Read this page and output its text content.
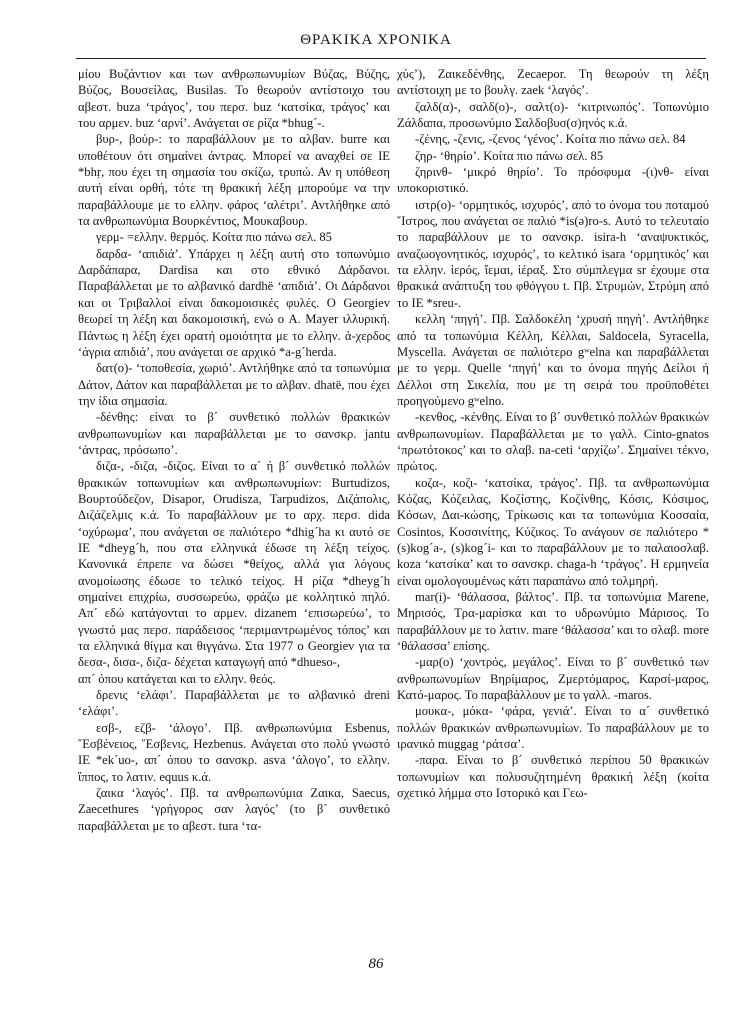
ΘΡΑΚΙΚΑ ΧΡΟΝΙΚΑ

μίου Βυζάντιον και των ανθρωπωνυμίων Βύζας, Βύζης, Βύζος, Βουσείλας, Busilas. Το θεωρούν αντίστοιχο του αβεστ. buza ‘τράγος’, του περσ. buz ‘κατσίκα, τράγος’ και του αρμεν. buz ‘αρνί’. Ανάγεται σε ρίζα *bhug´-.

βυρ-, βούρ-: το παραβάλλουν με το αλβαν. burre και υποθέτουν ότι σημαίνει άντρας. Μπορεί να αναχθεί σε ΙΕ *bhṛ, που έχει τη σημασία του σκίζω, τρυπώ. Αν η υπόθεση αυτή είναι ορθή, τότε τη θρακική λέξη μπορούμε να την παραβάλλουμε με το ελλην. φάρος ‘αλέτρι’. Αντλήθηκε από τα ανθρωπωνύμια Βουρκέντιος, Μουκαβουρ.

γερμ- =ελλην. θερμός. Κοίτα πιο πάνω σελ. 85

δαρδα- ‘απιδιά’. Υπάρχει η λέξη αυτή στο τοπωνύμιο Δαρδάπαρα, Dardisa και στο εθνικό Δάρδανοι. Παραβάλλεται με το αλβανικό dardhë ‘απιδιά’. Οι Δάρδανοι και οι Τριβαλλοί είναι δακομοισικές φυλές. Ο Georgiev θεωρεί τη λέξη και δακομοισική, ενώ ο A. Mayer ιλλυρική. Πάντως η λέξη έχει ορατή ομοιότητα με το ελλην. ἀ-χερδος ‘άγρια απιδιά’, που ανάγεται σε αρχικό *a-g´herda.

δατ(ο)- ‘τοποθεσία, χωριό’. Αντλήθηκε από τα τοπωνύμια Δάτον, Δάτον και παραβάλλεται με το αλβαν. dhatë, που έχει την ίδια σημασία.

-δένθης: είναι το β´ συνθετικό πολλών θρακικών ανθρωπωνυμίων και παραβάλλεται με το σανσκρ. jantu ‘άντρας, πρόσωπο’.

διζα-, -διζα, -διζος. Είναι το α´ ή β´ συνθετικό πολλών θρακικών τοπωνυμίων και ανθρωπωνυμίων: Burtudizos, Βουρτούδεζον, Disapor, Orudisza, Tarpudizos, Διζάπολις, Διζάζελμις κ.ά. Το παραβάλλουν με το αρχ. περσ. dida ‘οχύρωμα’, που ανάγεται σε παλιότερο *dhig´ha κι αυτό σε ΙΕ *dheyg´h, που στα ελληνικά έδωσε τη λέξη τείχος. Κανονικά έπρεπε να δώσει *θείχος, αλλά για λόγους ανομοίωσης έδωσε το τελικό τείχος. Η ρίζα *dheyg´h σημαίνει επιχρίω, συσσωρεύω, φράζω με κολλητικό πηλό. Απ´ εδώ κατάγονται το αρμεν. dizanem ‘επισωρεύω’, το γνωστό μας περσ. παράδεισος ‘περιμαντρωμένος τόπος’ και τα ελληνικά θίγμα και θιγγάνω. Στα 1977 ο Georgiev για τα δεσα-, δισα-, διζα- δέχεται καταγωγή από *dhueso-,

απ´ όπου κατάγεται και το ελλην. θεός.

δρενις ‘ελάφι’. Παραβάλλεται με το αλβανικό dreni ‘ελάφι’.

εσβ-, εζβ- ‘άλογο’. Πβ. ανθρωπωνύμια Esbenus, ῎Εσβένειος, ῎Εσβενις, Hezbenus. Ανάγεται στο πολύ γνωστό ΙΕ *ek´uo-, απ´ όπου το σανσκρ. asva ‘άλογο’, το ελλην. ἵππος, το λατιν. equus κ.ά.

ζαικα ‘λαγός’. Πβ. τα ανθρωπωνύμια Ζαικα, Saecus, Zaecethures ‘γρήγορος σαν λαγός’ (το β´ συνθετικό παραβάλλεται με το αβεστ. tura ‘τα-

χύς’), Ζαικεδένθης, Zecaepor. Τη θεωρούν τη λέξη αντίστοιχη με το βουλγ. zaek ‘λαγός’.

ζαλδ(α)-, σαλδ(ο)-, σαλτ(ο)- ‘κιτρινωπός’. Τοπωνύμιο Ζάλδαπα, προσωνύμιο Σαλδοβυσ(σ)ηνός κ.ά.

-ζένης, -ζενις, -ζενος ‘γένος’. Κοίτα πιο πάνω σελ. 84

ζηρ- ‘θηρίο’. Κοίτα πιο πάνω σελ. 85

ζηρινθ- ‘μικρό θηρίο’. Το πρόσφυμα -(ι)νθ- είναι υποκοριστικό.

ιστρ(ο)- ‘ορμητικός, ισχυρός’, από το όνομα του ποταμού ῎Ιστρος, που ανάγεται σε παλιό *is(ə)ro-s. Αυτό το τελευταίο το παραβάλλουν με το σανσκρ. isira-h ‘αναψυκτικός, αναζωογονητικός, ισχυρός’, το κελτικό isara ‘ορμητικός’ και τα ελλην. ἱερός, ἵεμαι, ἱέραξ. Στο σύμπλεγμα sr έχουμε στα θρακικά ανάπτυξη του φθόγγου t. Πβ. Στρυμών, Στρύμη από το ΙΕ *sreu-.

κελλη ‘πηγή’. Πβ. Σαλδοκέλη ‘χρυσή πηγή’. Αντλήθηκε από τα τοπωνύμια Κέλλη, Κέλλαι, Saldocela, Syracella, Myscella. Ανάγεται σε παλιότερο gʷelna και παραβάλλεται με το γερμ. Quelle ‘πηγή’ και το όνομα πηγής Δείλοι ή Δέλλοι στη Σικελία, που με τη σειρά του προϋποθέτει προηγούμενο gʷelno.

-κενθος, -κένθης. Είναι το β´ συνθετικό πολλών θρακικών ανθρωπωνυμίων. Παραβάλλεται με το γαλλ. Cinto-gnatos ‘πρωτότοκος’ και το σλαβ. na-ceti ‘αρχίζω’. Σημαίνει τέκνο, πρώτος.

κοζα-, κοζι- ‘κατσίκα, τράγος’. Πβ. τα ανθρωπωνύμια Κόζας, Κόζειλας, Κοζίστης, Κοζίνθης, Κόσις, Κόσιμος, Κόσων, Δαι-κώσης, Τρίκωσις και τα τοπωνύμια Κοσσαία, Cosintos, Κοσσινίτης, Κύζικος. Το ανάγουν σε παλιότερο *(s)kog´a-, (s)kog´i- και το παραβάλλουν με το παλαιοσλαβ. koza ‘κατσίκα’ και το σανσκρ. chaga-h ‘τράγος’. Η ερμηνεία είναι ομολογουμένως κάτι παραπάνω από τολμηρή.

mar(i)- ‘θάλασσα, βάλτος’. Πβ. τα τοπωνύμια Marene, Μηρισός, Τρα-μαρίσκα και το υδρωνύμιο Μάρισος. Το παραβάλλουν με το λατιν. mare ‘θάλασσα’ και το σλαβ. more ‘θάλασσα’ επίσης.

-μαρ(ο) ‘χοντρός, μεγάλος’. Είναι το β´ συνθετικό των ανθρωπωνυμίων Βηρίμαρος, Ζμερτόμαρος, Καρσί-μαρος, Κατό-μαρος. Το παραβάλλουν με το γαλλ. -maros.

μουκα-, μόκα- ‘φάρα, γενιά’. Είναι το α´ συνθετικό πολλών θρακικών ανθρωπωνυμίων. Το παραβάλλουν με το ιρανικό muggag ‘ράτσα’.

-παρα. Είναι το β´ συνθετικό περίπου 50 θρακικών τοπωνυμίων και πολυσυζητημένη θρακική λέξη (κοίτα σχετικό λήμμα στο Ιστορικό και Γεω-

86
